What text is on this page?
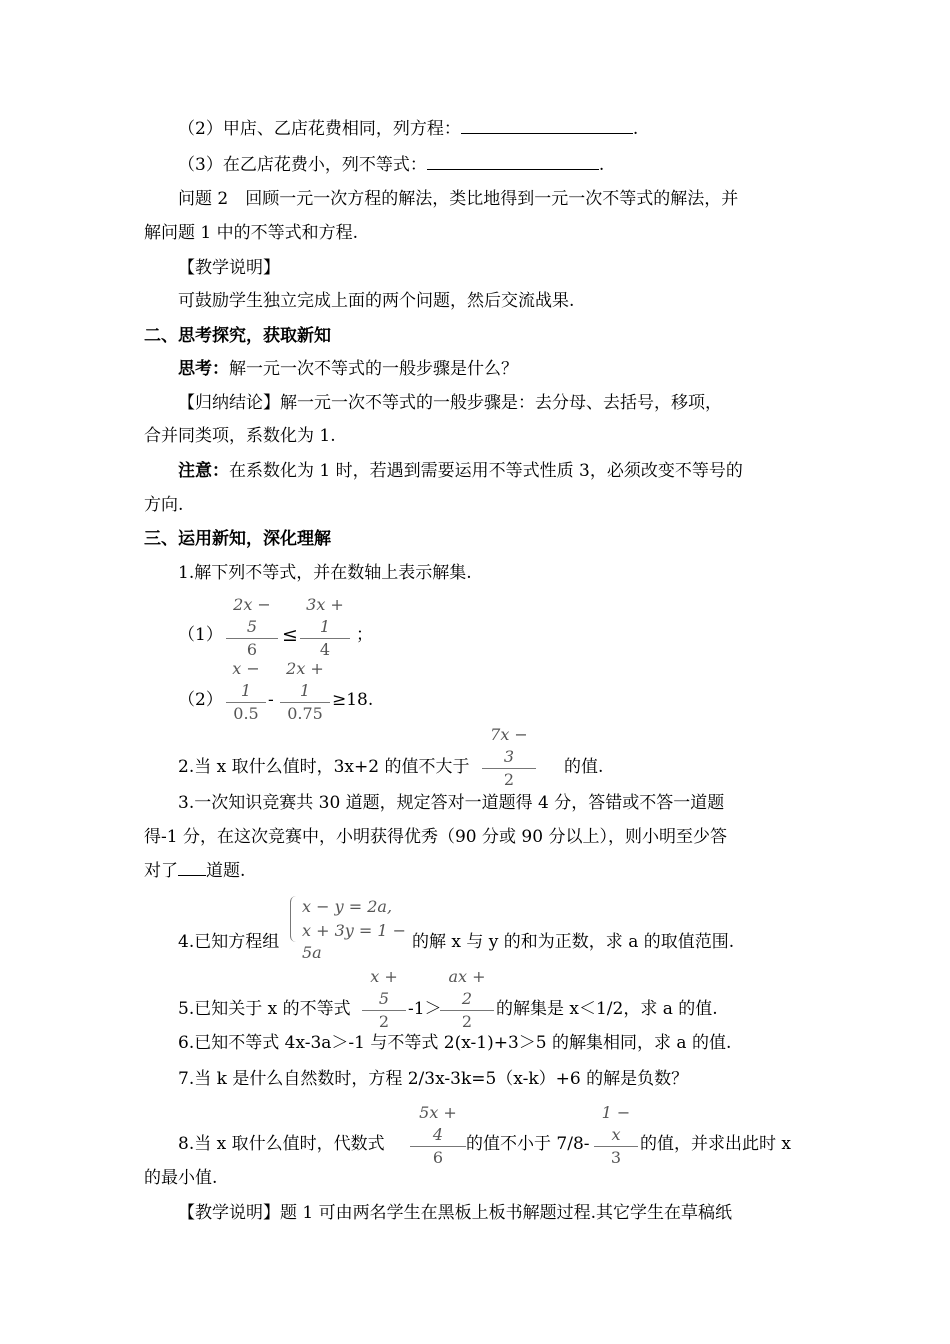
（2）甲店、乙店花费相同，列方程：	.
（3）在乙店花费小，列不等式：	.
问题 2　回顾一元一次方程的解法，类比地得到一元一次不等式的解法，并
解问题 1 中的不等式和方程.
【教学说明】
可鼓励学生独立完成上面的两个问题，然后交流战果.
二、思考探究，获取新知
思考：解一元一次不等式的一般步骤是什么？
【归纳结论】解一元一次不等式的一般步骤是：去分母、去括号，移项，
合并同类项，系数化为 1.
注意：在系数化为 1 时，若遇到需要运用不等式性质 3，必须改变不等号的
方向.
三、运用新知，深化理解
1.解下列不等式，并在数轴上表示解集.
（1）
2x − 5
6
≤
3x + 1
4
；
（2）
x − 1
0.5
-
2x + 1
0.75
≥18.
7x − 3
2
2.当 x 取什么值时，3x+2 的值不大于	的值.
3.一次知识竞赛共 30 道题，规定答对一道题得 4 分，答错或不答一道题
得-1 分，在这次竞赛中，小明获得优秀（90 分或 90 分以上），则小明至少答
对了 道题.
x − y = 2a,
x + 3y = 1 − 5a
4.已知方程组	的解 x 与 y 的和为正数，求 a 的取值范围.
x + 5
2
ax + 2
2
5.已知关于 x 的不等式	-1＞	的解集是 x＜1/2，求 a 的值.
6.已知不等式 4x-3a＞-1 与不等式 2(x-1)+3＞5 的解集相同，求 a 的值.
7.当 k 是什么自然数时，方程 2/3x-3k=5（x-k）+6 的解是负数？
5x + 4
6
1 − x
3
8.当 x 取什么值时，代数式	的值不小于 7/8-	的值，并求出此时 x
的最小值.
【教学说明】题 1 可由两名学生在黑板上板书解题过程.其它学生在草稿纸
